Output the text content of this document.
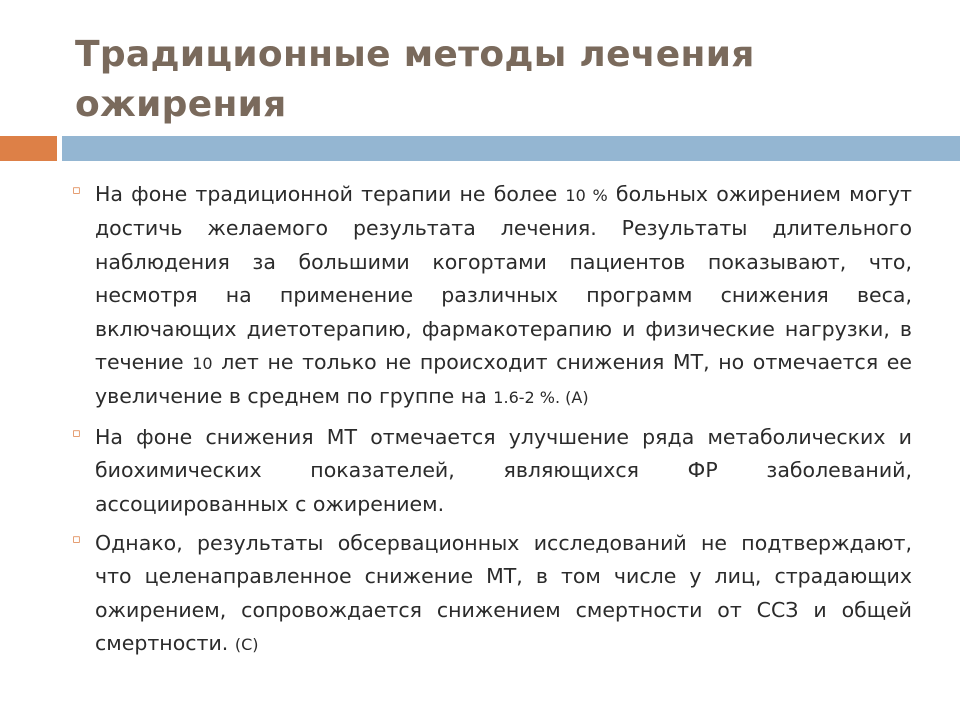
Традиционные методы лечения ожирения
▫ На фоне традиционной терапии не более 10 % больных ожирением могут достичь желаемого результата лечения. Результаты длительного наблюдения за большими когортами пациентов показывают, что, несмотря на применение различных программ снижения веса, включающих диетотерапию, фармакотерапию и физические нагрузки, в течение 10 лет не только не происходит снижения МТ, но отмечается ее увеличение в среднем по группе на 1.6-2 %. (А)
▫ На фоне снижения МТ отмечается улучшение ряда метаболических и биохимических показателей, являющихся ФР заболеваний, ассоциированных с ожирением.
▫ Однако, результаты обсервационных исследований не подтверждают, что целенаправленное снижение МТ, в том числе у лиц, страдающих ожирением, сопровождается снижением смертности от ССЗ и общей смертности. (С)
